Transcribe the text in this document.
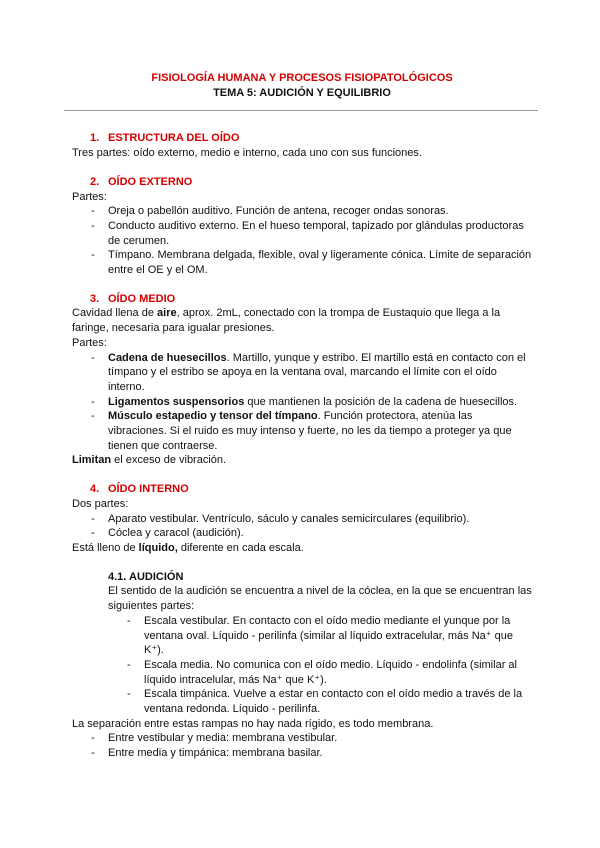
FISIOLOGÍA HUMANA Y PROCESOS FISIOPATOLÓGICOS
TEMA 5: AUDICIÓN Y EQUILIBRIO
1. ESTRUCTURA DEL OÍDO
Tres partes: oído externo, medio e interno, cada uno con sus funciones.
2. OÍDO EXTERNO
Partes:
- Oreja o pabellón auditivo. Función de antena, recoger ondas sonoras.
- Conducto auditivo externo. En el hueso temporal, tapizado por glándulas productoras de cerumen.
- Tímpano. Membrana delgada, flexible, oval y ligeramente cónica. Límite de separación entre el OE y el OM.
3. OÍDO MEDIO
Cavidad llena de aire, aprox. 2mL, conectado con la trompa de Eustaquio que llega a la faringe, necesaria para igualar presiones.
Partes:
- Cadena de huesecillos. Martillo, yunque y estribo. El martillo está en contacto con el tímpano y el estribo se apoya en la ventana oval, marcando el límite con el oído interno.
- Ligamentos suspensorios que mantienen la posición de la cadena de huesecillos.
- Músculo estapedio y tensor del tímpano. Función protectora, atenúa las vibraciones. Si el ruido es muy intenso y fuerte, no les da tiempo a proteger ya que tienen que contraerse.
Limitan el exceso de vibración.
4. OÍDO INTERNO
Dos partes:
- Aparato vestibular. Ventrículo, sáculo y canales semicirculares (equilibrio).
- Cóclea y caracol (audición).
Está lleno de líquido, diferente en cada escala.
4.1. AUDICIÓN
El sentido de la audición se encuentra a nivel de la cóclea, en la que se encuentran las siguientes partes:
- Escala vestibular. En contacto con el oído medio mediante el yunque por la ventana oval. Líquido - perilinfa (similar al líquido extracelular, más Na⁺ que K⁺).
- Escala media. No comunica con el oído medio. Líquido - endolinfa (similar al líquido intracelular, más Na⁺ que K⁺).
- Escala timpánica. Vuelve a estar en contacto con el oído medio a través de la ventana redonda. Líquido - perilinfa.
La separación entre estas rampas no hay nada rígido, es todo membrana.
- Entre vestibular y media: membrana vestibular.
- Entre media y timpánica: membrana basilar.
